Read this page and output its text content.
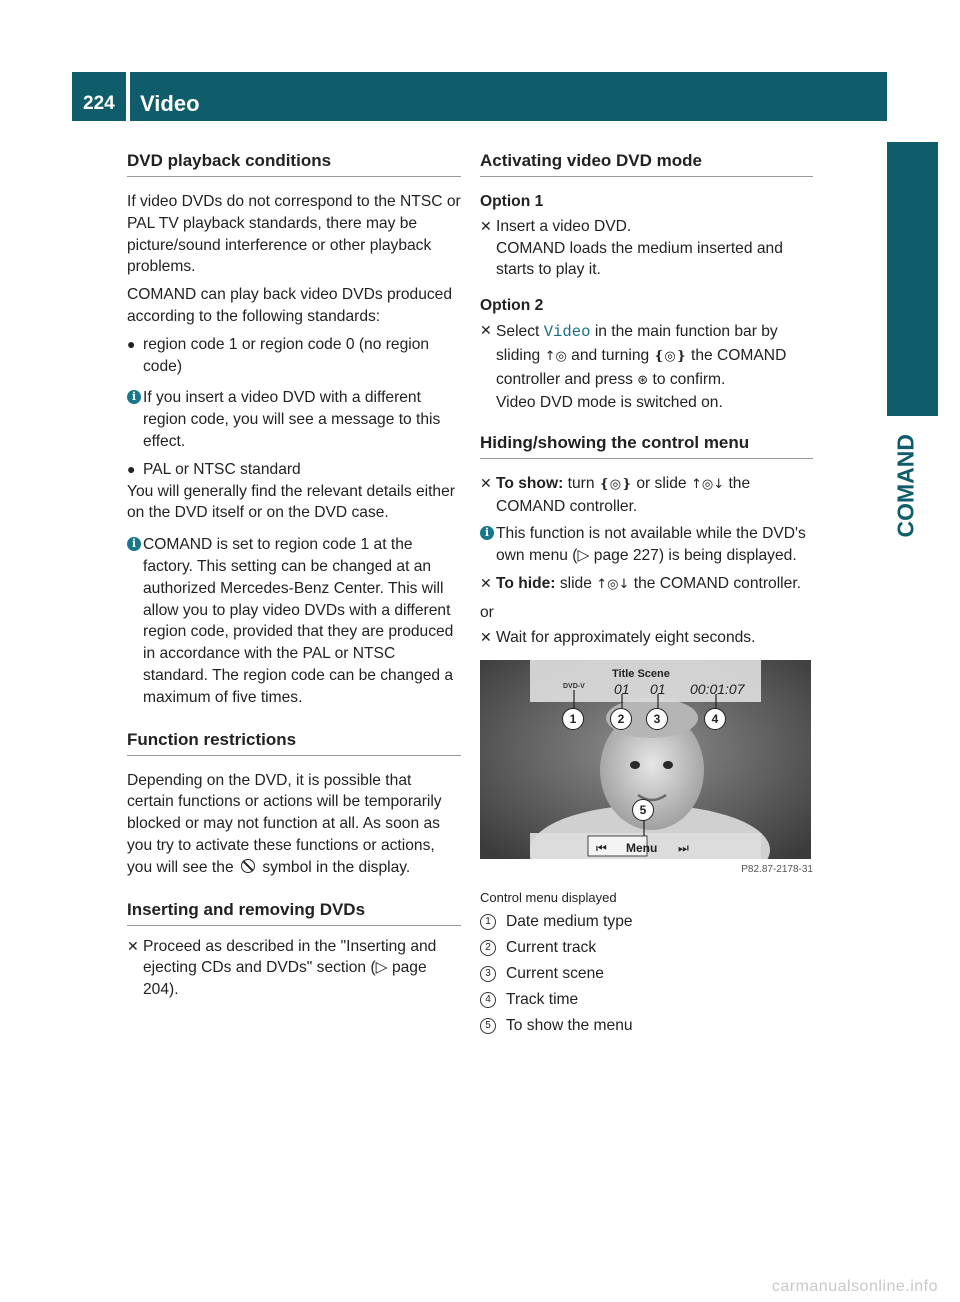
224 Video
COMAND
DVD playback conditions

If video DVDs do not correspond to the NTSC or PAL TV playback standards, there may be picture/sound interference or other playback problems.

COMAND can play back video DVDs produced according to the following standards:

● region code 1 or region code 0 (no region code)
i If you insert a video DVD with a different region code, you will see a message to this effect.
● PAL or NTSC standard

You will generally find the relevant details either on the DVD itself or on the DVD case.

i COMAND is set to region code 1 at the factory. This setting can be changed at an authorized Mercedes-Benz Center. This will allow you to play video DVDs with a different region code, provided that they are produced in accordance with the PAL or NTSC standard. The region code can be changed a maximum of five times.
Function restrictions

Depending on the DVD, it is possible that certain functions or actions will be temporarily blocked or may not function at all. As soon as you try to activate these functions or actions, you will see the symbol in the display.

Inserting and removing DVDs
✕ Proceed as described in the "Inserting and ejecting CDs and DVDs" section (▷ page 204).
Activating video DVD mode

Option 1

✕ Insert a video DVD.
COMAND loads the medium inserted and starts to play it.

Option 2

✕ Select Video in the main function bar by sliding ↑◎ and turning ❴◎❵ the COMAND controller and press ⊛ to confirm.
Video DVD mode is switched on.
Hiding/showing the control menu
✕ To show: turn ❴◎❵ or slide ↑◎↓ the COMAND controller.
i This function is not available while the DVD's own menu (▷ page 227) is being displayed.
✕ To hide: slide ↑◎↓ the COMAND controller.

or

✕ Wait for approximately eight seconds.
DVD-V
Title Scene
01 01 00:01:07
⏮ Menu ⏭
1	2	3	4
5
P82.87-2178-31

Control menu displayed

1 Date medium type
2 Current track
3 Current scene
4 Track time
5 To show the menu
carmanualsonline.info
